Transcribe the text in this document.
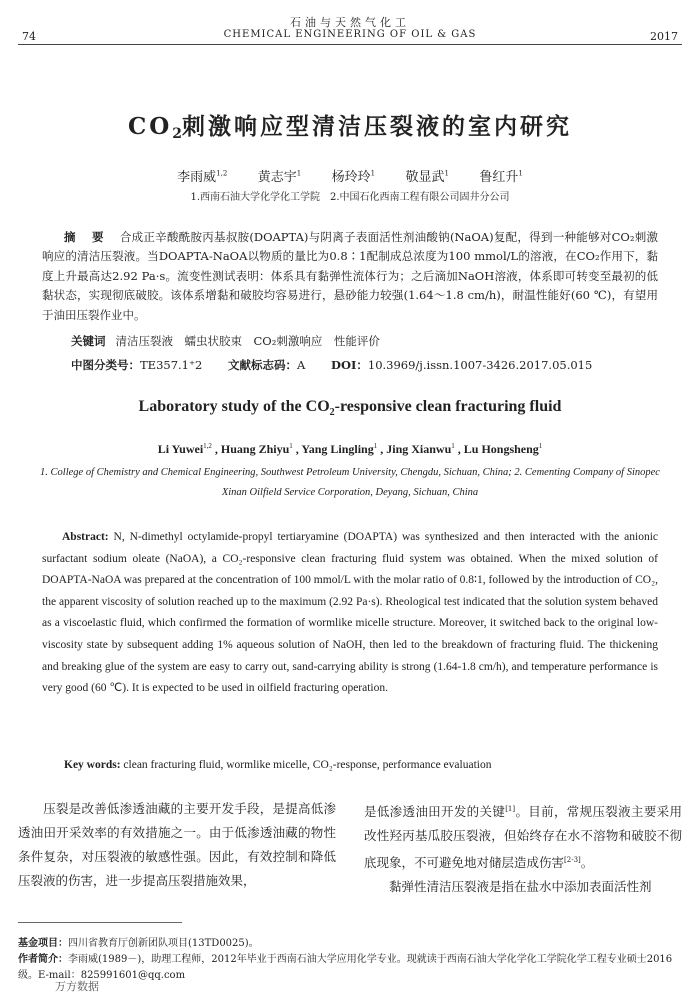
石油与天然气化工
CHEMICAL ENGINEERING OF OIL & GAS
74	2017
$CO_2$刺激响应型清洁压裂液的室内研究
李雨威$^{1,2}$ 黄志宇$^1$ 杨玲玲$^1$ 敬显武$^1$ 鲁红升$^1$
1.西南石油大学化学化工学院　2.中国石化西南工程有限公司固井分公司
摘 要 合成正辛酸酰胺丙基叔胺(DOAPTA)与阴离子表面活性剂油酸钠(NaOA)复配，得到一种能够对CO₂刺激响应的清洁压裂液。当DOAPTA-NaOA以物质的量比为0.8∶1配制成总浓度为100 mmol/L的溶液，在CO₂作用下，黏度上升最高达2.92 Pa·s。流变性测试表明：体系具有黏弹性流体行为；之后滴加NaOH溶液，体系即可转变至最初的低黏状态，实现彻底破胶。该体系增黏和破胶均容易进行，悬砂能力较强(1.64～1.8 cm/h)，耐温性能好(60 ℃)，有望用于油田压裂作业中。
关键词 清洁压裂液　蠕虫状胶束　CO₂刺激响应　性能评价
中图分类号：TE357.1⁺2 文献标志码：A DOI：10.3969/j.issn.1007-3426.2017.05.015
Laboratory study of the $CO_2$-responsive clean fracturing fluid
Li Yuwei$^{1,2}$ , Huang Zhiyu$^1$ , Yang Lingling$^1$ , Jing Xianwu$^1$ , Lu Hongsheng$^1$
1. College of Chemistry and Chemical Engineering, Southwest Petroleum University, Chengdu, Sichuan, China; 2. Cementing Company of Sinopec Xinan Oilfield Service Corporation, Deyang, Sichuan, China
Abstract: N, N-dimethyl octylamide-propyl tertiaryamine (DOAPTA) was synthesized and then interacted with the anionic surfactant sodium oleate (NaOA), a CO₂-responsive clean fracturing fluid system was obtained. When the mixed solution of DOAPTA-NaOA was prepared at the concentration of 100 mmol/L with the molar ratio of 0.8∶1, followed by the introduction of CO₂, the apparent viscosity of solution reached up to the maximum (2.92 Pa·s). Rheological test indicated that the solution system behaved as a viscoelastic fluid, which confirmed the formation of wormlike micelle structure. Moreover, it switched back to the original low-viscosity state by subsequent adding 1% aqueous solution of NaOH, then led to the breakdown of fracturing fluid. The thickening and breaking glue of the system are easy to carry out, sand-carrying ability is strong (1.64-1.8 cm/h), and temperature performance is very good (60 ℃). It is expected to be used in oilfield fracturing operation.
Key words: clean fracturing fluid, wormlike micelle, CO₂-response, performance evaluation
压裂是改善低渗透油藏的主要开发手段，是提高低渗透油田开采效率的有效措施之一。由于低渗透油藏的物性条件复杂，对压裂液的敏感性强。因此，有效控制和降低压裂液的伤害，进一步提高压裂措施效果，
是低渗透油田开发的关键[1]。目前，常规压裂液主要采用改性羟丙基瓜胶压裂液，但始终存在水不溶物和破胶不彻底现象，不可避免地对储层造成伤害[2-3]。
黏弹性清洁压裂液是指在盐水中添加表面活性剂
基金项目：四川省教育厅创新团队项目(13TD0025)。
作者简介：李雨威(1989－)，助理工程师，2012年毕业于西南石油大学应用化学专业。现就读于西南石油大学化学化工学院化学工程专业硕士2016级。E-mail：825991601@qq.com
万方数据
